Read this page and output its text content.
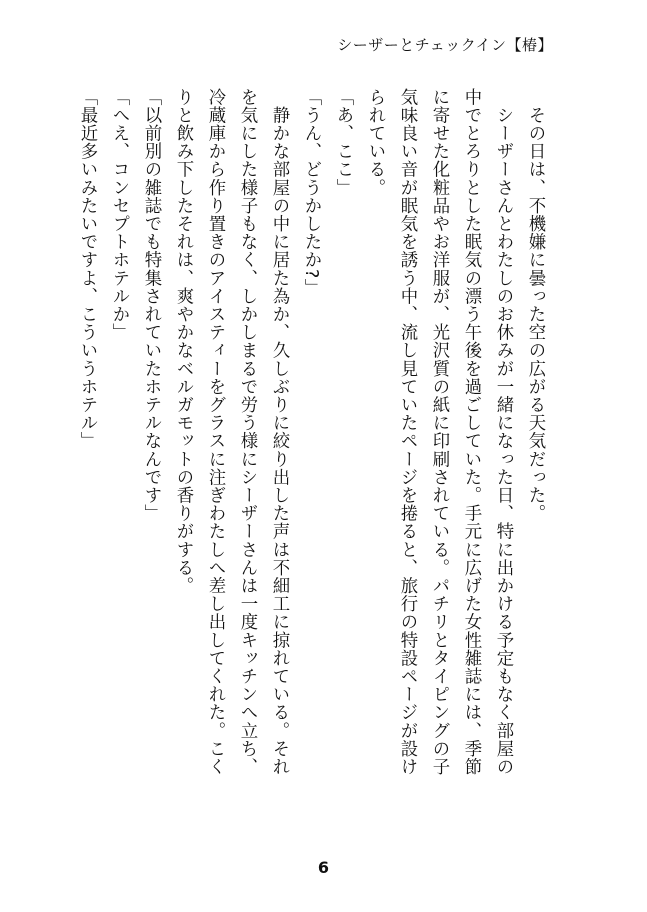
シーザーとチェックイン【椿】
　その日は、不機嫌に曇った空の広がる天気だった。
　シーザーさんとわたしのお休みが一緒になった日、特に出かける予定もなく部屋の
中でとろりとした眠気の漂う午後を過ごしていた。手元に広げた女性雑誌には、季節
に寄せた化粧品やお洋服が、光沢質の紙に印刷されている。パチリとタイピングの子
気味良い音が眠気を誘う中、流し見ていたページを捲ると、旅行の特設ページが設け
られている。
「あ、ここ」
「うん、どうかしたか?」
　静かな部屋の中に居た為か、久しぶりに絞り出した声は不細工に掠れている。それ
を気にした様子もなく、しかしまるで労う様にシーザーさんは一度キッチンへ立ち、
冷蔵庫から作り置きのアイスティーをグラスに注ぎわたしへ差し出してくれた。こく
りと飲み下したそれは、爽やかなベルガモットの香りがする。
「以前別の雑誌でも特集されていたホテルなんです」
「へえ、コンセプトホテルか」
「最近多いみたいですよ、こういうホテル」
6
